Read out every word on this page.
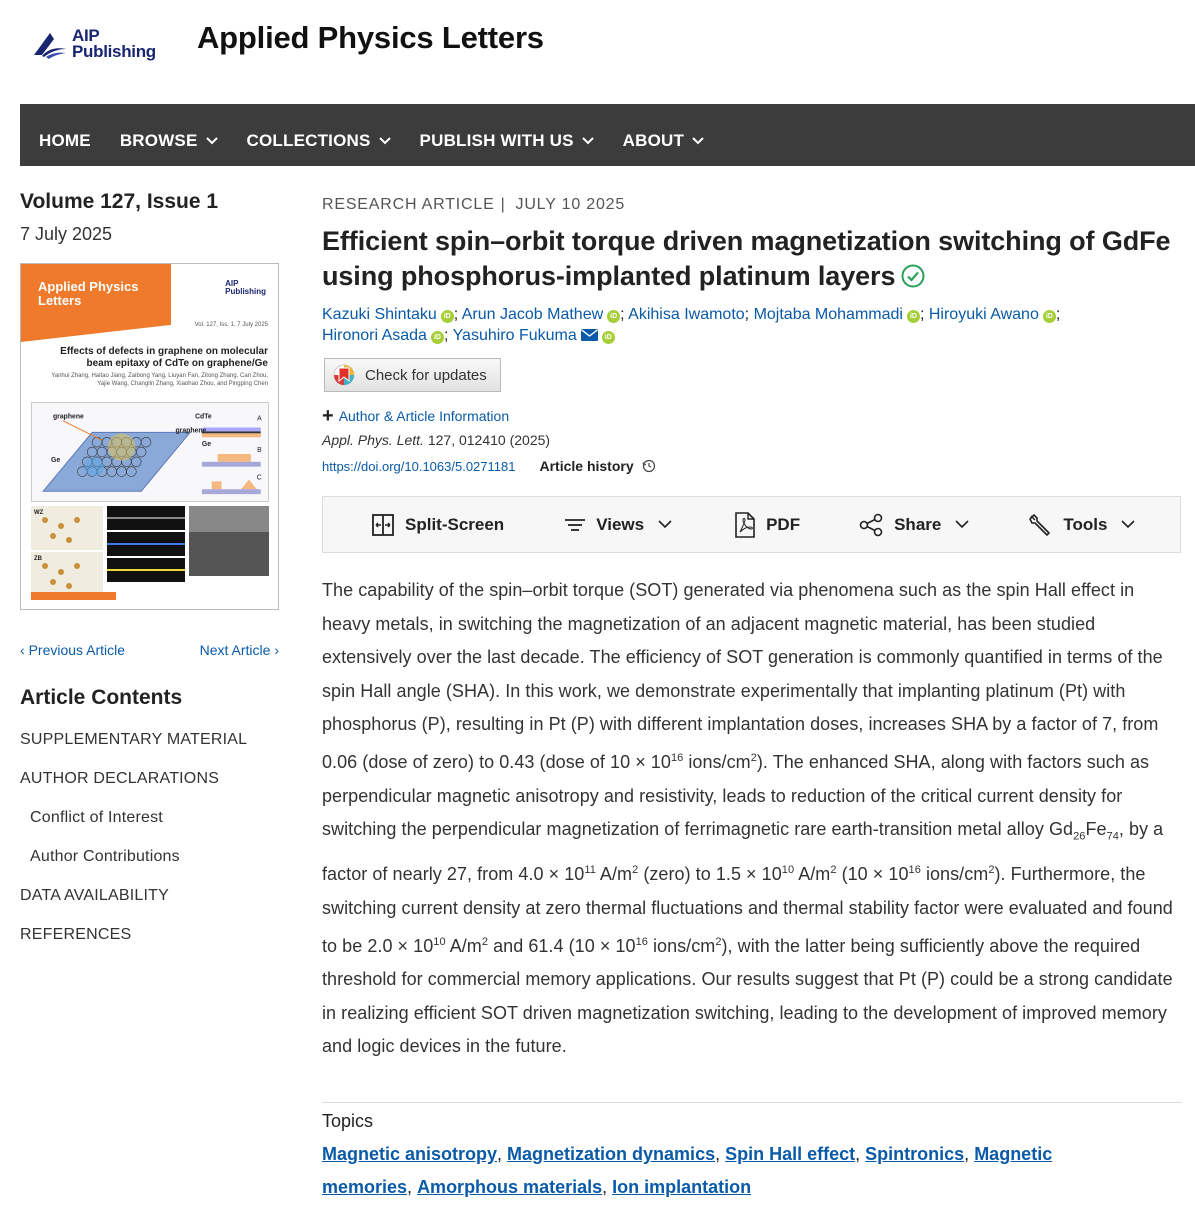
AIP
Publishing Applied Physics Letters
HOME BROWSE	COLLECTIONS	PUBLISH WITH US	ABOUT
Volume 127, Issue 1
7 July 2025
Applied Physics
Letters
AIP
Publishing
Vol. 127, Iss. 1, 7 July 2025
Effects of defects in graphene on molecular beam epitaxy of CdTe on graphene/Ge
Yanhui Zhang, Haitao Jiang, Zaibong Yang, Liuyan Fan, Zitong Zhang, Can Zhou, Yajie Wang, Changlin Zhang, Xiaohao Zhou, and Pingping Chen
graphene
Ge
CdTe
graphene
Ge
A
B
C
WZ
ZB
‹ Previous Article	Next Article ›
Article Contents
SUPPLEMENTARY MATERIAL
AUTHOR DECLARATIONS
Conflict of Interest
Author Contributions
DATA AVAILABILITY
REFERENCES
RESEARCH ARTICLE | JULY 10 2025
Efficient spin–orbit torque driven magnetization switching of GdFe using phosphorus-implanted platinum layers
Kazuki Shintaku iD ; Arun Jacob Mathew iD ; Akihisa Iwamoto; Mojtaba Mohammadi iD ; Hiroyuki Awano iD ;
Hironori Asada iD ; Yasuhiro Fukuma	iD
Check for updates
+ Author & Article Information
Appl. Phys. Lett. 127, 012410 (2025)
https://doi.org/10.1063/5.0271181 Article history
Split-Screen	Views	PDF	Share	Tools

The capability of the spin–orbit torque (SOT) generated via phenomena such as the spin Hall effect in heavy metals, in switching the magnetization of an adjacent magnetic material, has been studied extensively over the last decade. The efficiency of SOT generation is commonly quantified in terms of the spin Hall angle (SHA). In this work, we demonstrate experimentally that implanting platinum (Pt) with phosphorus (P), resulting in Pt (P) with different implantation doses, increases SHA by a factor of 7, from 0.06 (dose of zero) to 0.43 (dose of $10 \times 10^{16}$ ions/$cm^2$). The enhanced SHA, along with factors such as perpendicular magnetic anisotropy and resistivity, leads to reduction of the critical current density for switching the perpendicular magnetization of ferrimagnetic rare earth-transition metal alloy $Gd_{26}Fe_{74}$, by a factor of nearly 27, from $4.0 \times 10^{11}$ $A/m^2$ (zero) to $1.5 \times 10^{10}$ $A/m^2$ ($10 \times 10^{16}$ ions/$cm^2$). Furthermore, the switching current density at zero thermal fluctuations and thermal stability factor were evaluated and found to be $2.0 \times 10^{10}$ $A/m^2$ and 61.4 ($10 \times 10^{16}$ ions/$cm^2$), with the latter being sufficiently above the required threshold for commercial memory applications. Our results suggest that Pt (P) could be a strong candidate in realizing efficient SOT driven magnetization switching, leading to the development of improved memory and logic devices in the future.

Topics
Magnetic anisotropy, Magnetization dynamics, Spin Hall effect, Spintronics, Magnetic memories, Amorphous materials, Ion implantation
